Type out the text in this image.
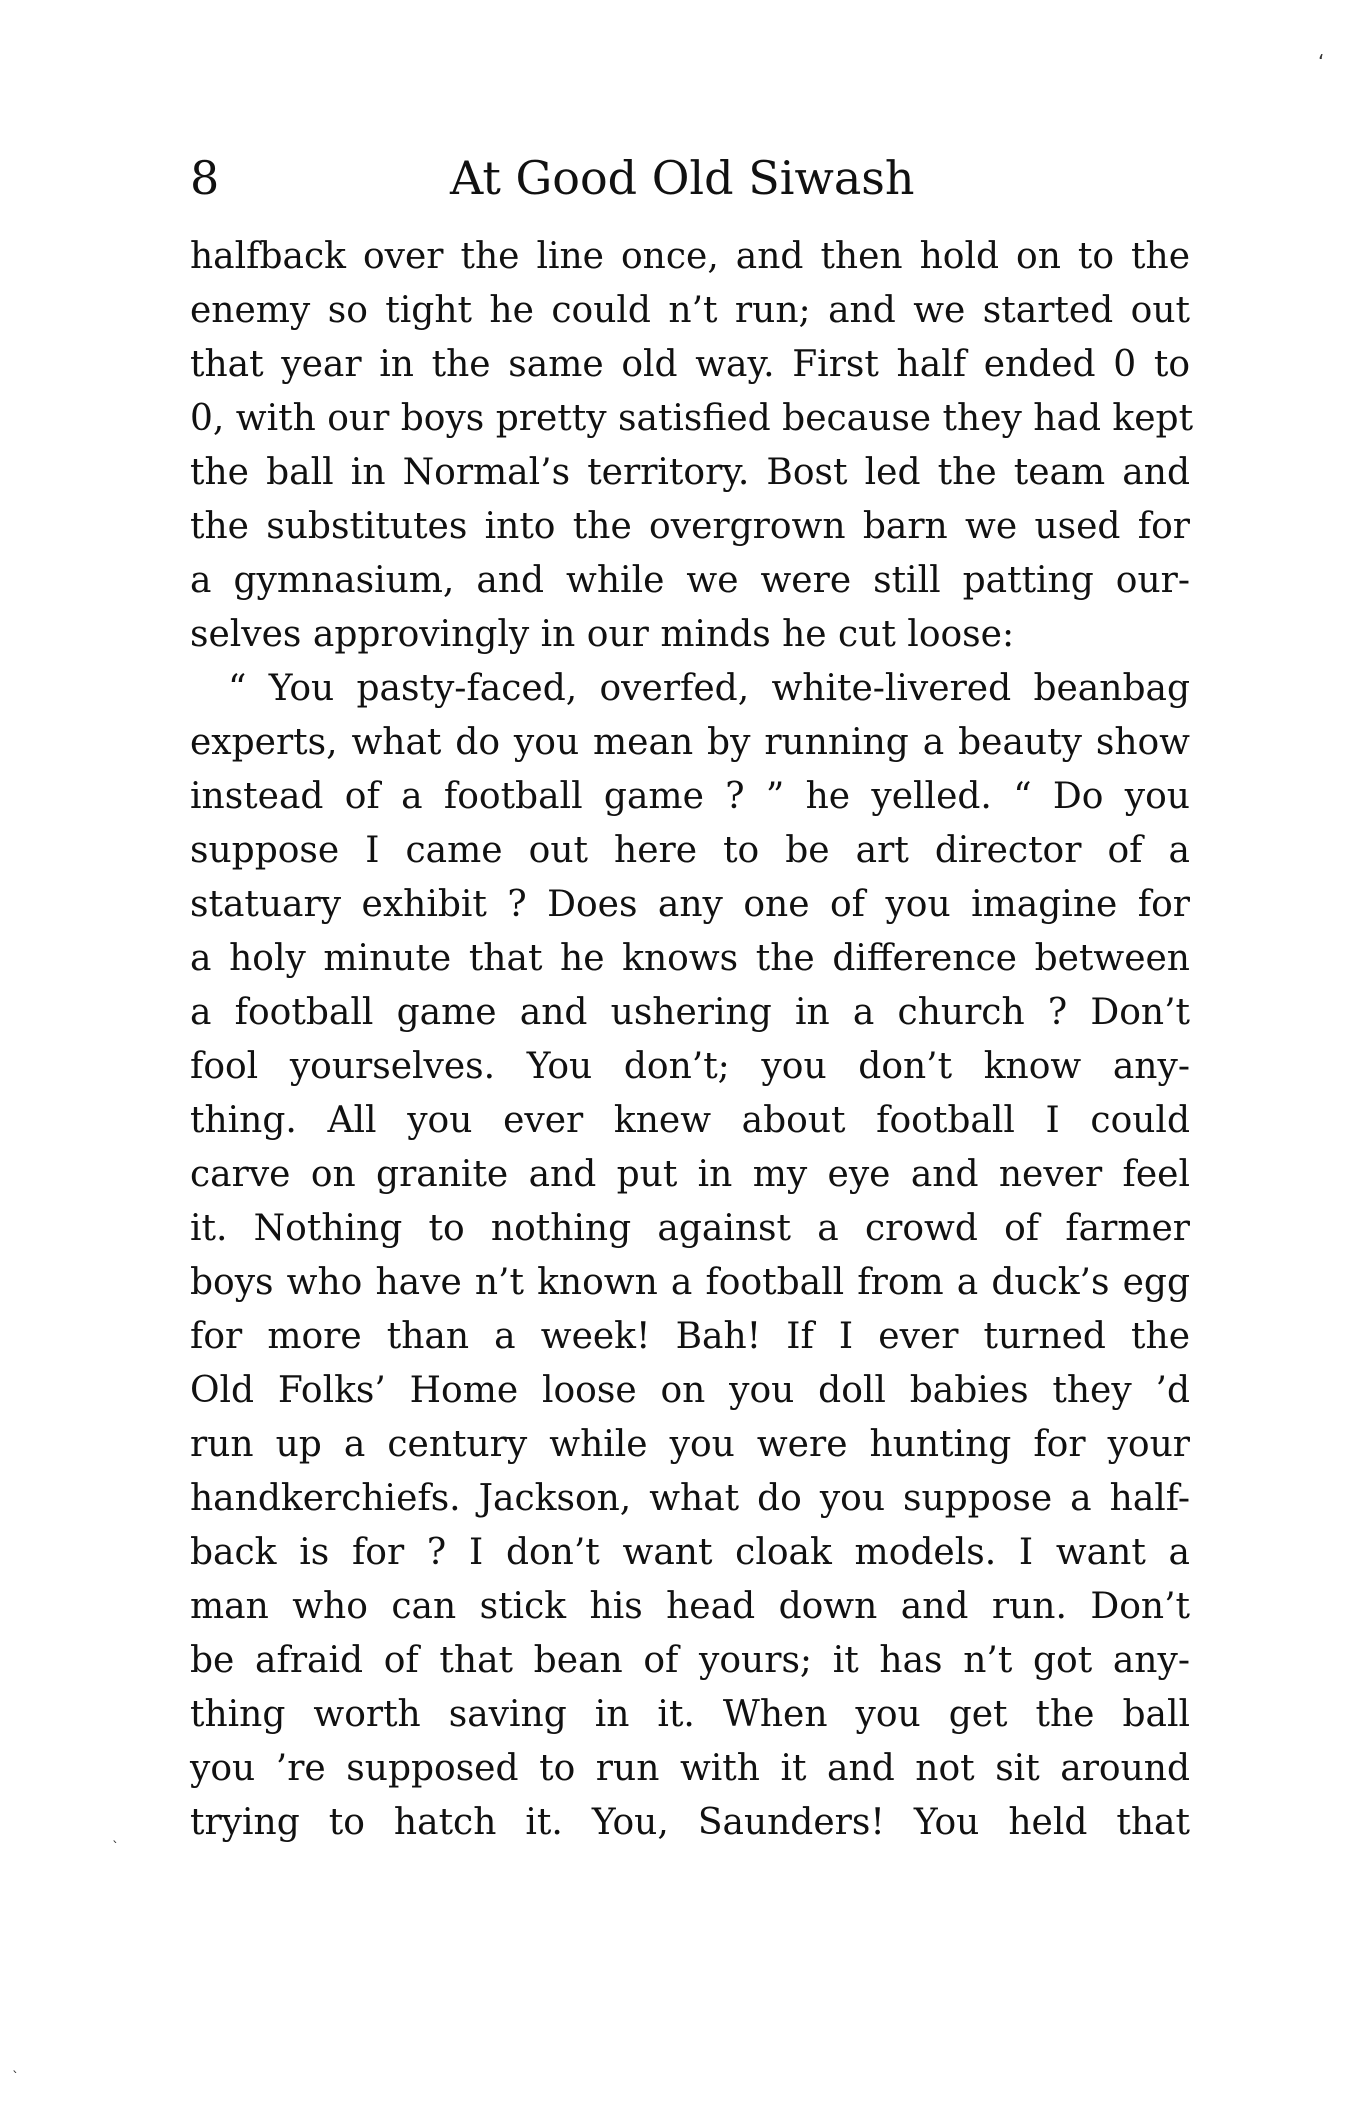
‘
8	At Good Old Siwash
halfback over the line once, and then hold on to the
enemy so tight he could n’t run; and we started out
that year in the same old way. First half ended 0 to
0, with our boys pretty satisfied because they had kept
the ball in Normal’s territory. Bost led the team and
the substitutes into the overgrown barn we used for
a gymnasium, and while we were still patting our-
selves approvingly in our minds he cut loose:
“ You pasty-faced, overfed, white-livered beanbag
experts, what do you mean by running a beauty show
instead of a football game ? ” he yelled. “ Do you
suppose I came out here to be art director of a
statuary exhibit ? Does any one of you imagine for
a holy minute that he knows the difference between
a football game and ushering in a church ? Don’t
fool yourselves. You don’t; you don’t know any-
thing. All you ever knew about football I could
carve on granite and put in my eye and never feel
it. Nothing to nothing against a crowd of farmer
boys who have n’t known a football from a duck’s egg
for more than a week! Bah! If I ever turned the
Old Folks’ Home loose on you doll babies they ’d
run up a century while you were hunting for your
handkerchiefs. Jackson, what do you suppose a half-
back is for ? I don’t want cloak models. I want a
man who can stick his head down and run. Don’t
be afraid of that bean of yours; it has n’t got any-
thing worth saving in it. When you get the ball
you ’re supposed to run with it and not sit around
trying to hatch it. You, Saunders! You held that
ˋ
ˋ
